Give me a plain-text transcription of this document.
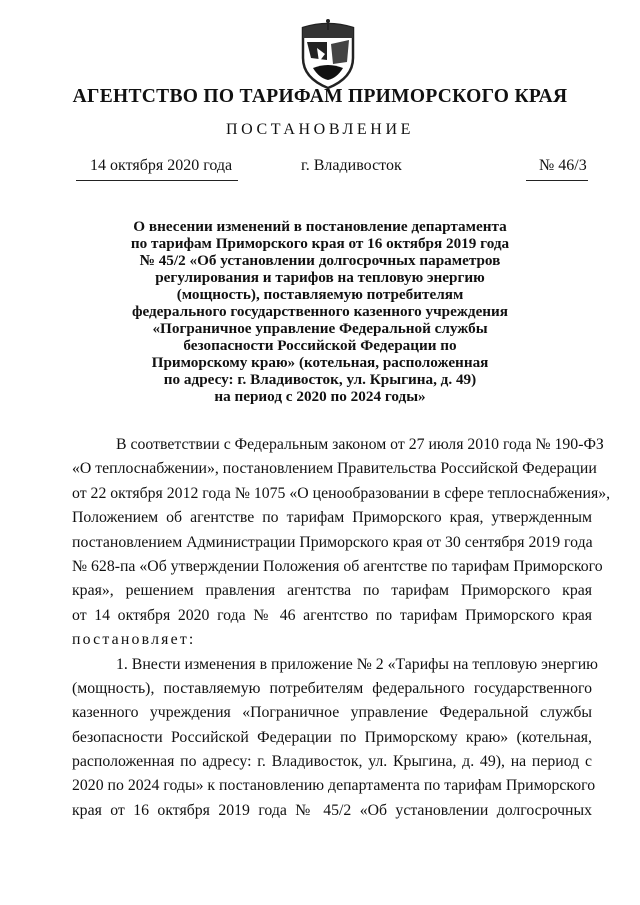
АГЕНТСТВО ПО ТАРИФАМ ПРИМОРСКОГО КРАЯ
ПОСТАНОВЛЕНИЕ
14 октября 2020 года	г. Владивосток	№ 46/3
О внесении изменений в постановление департамента
по тарифам Приморского края от 16 октября 2019 года
№ 45/2 «Об установлении долгосрочных параметров
регулирования и тарифов на тепловую энергию
(мощность), поставляемую потребителям
федерального государственного казенного учреждения
«Пограничное управление Федеральной службы
безопасности Российской Федерации по
Приморскому краю» (котельная, расположенная
по адресу: г. Владивосток, ул. Крыгина, д. 49)
на период с 2020 по 2024 годы»
В соответствии с Федеральным законом от 27 июля 2010 года № 190-ФЗ
«О теплоснабжении», постановлением Правительства Российской Федерации
от 22 октября 2012 года № 1075 «О ценообразовании в сфере теплоснабжения»,
Положением об агентстве по тарифам Приморского края, утвержденным
постановлением Администрации Приморского края от 30 сентября 2019 года
№ 628-па «Об утверждении Положения об агентстве по тарифам Приморского
края», решением правления агентства по тарифам Приморского края
от 14 октября 2020 года № 46 агентство по тарифам Приморского края
постановляет:
1. Внести изменения в приложение № 2 «Тарифы на тепловую энергию
(мощность), поставляемую потребителям федерального государственного
казенного учреждения «Пограничное управление Федеральной службы
безопасности Российской Федерации по Приморскому краю» (котельная,
расположенная по адресу: г. Владивосток, ул. Крыгина, д. 49), на период с
2020 по 2024 годы» к постановлению департамента по тарифам Приморского
края от 16 октября 2019 года № 45/2 «Об установлении долгосрочных
